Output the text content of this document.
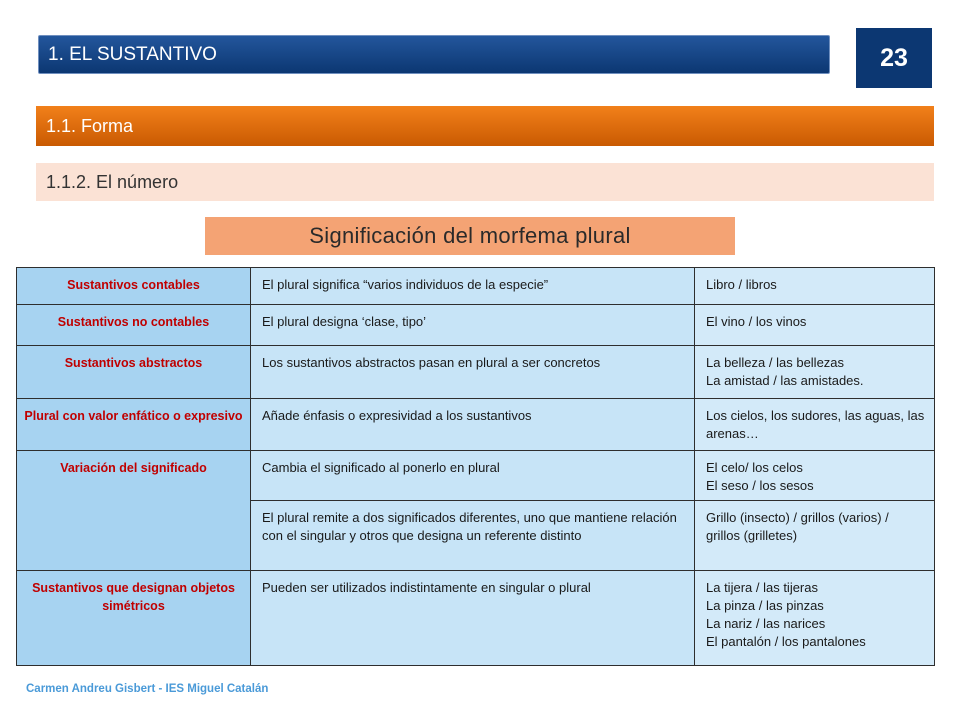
1. EL SUSTANTIVO	23
1.1. Forma
1.1.2. El número
Significación del morfema plural
Sustantivos contables	El plural significa “varios individuos de la especie”	Libro / libros

Sustantivos no contables	El plural designa ‘clase, tipo’	El vino / los vinos

Sustantivos abstractos	Los sustantivos abstractos pasan en plural a ser concretos	La belleza / las bellezas
La amistad / las amistades.

Plural con valor enfático o expresivo	Añade énfasis o expresividad a los sustantivos	Los cielos, los sudores, las aguas, las arenas…

Variación del significado	Cambia el significado al ponerlo en plural	El celo/ los celos
El seso / los sesos

	El plural remite a dos significados diferentes, uno que mantiene relación con el singular y otros que designa un referente distinto	Grillo (insecto) / grillos (varios) / grillos (grilletes)

Sustantivos que designan objetos simétricos	Pueden ser utilizados indistintamente en singular o plural	La tijera / las tijeras
La pinza / las pinzas
La nariz / las narices
El pantalón / los pantalones
Carmen Andreu Gisbert - IES Miguel Catalán
